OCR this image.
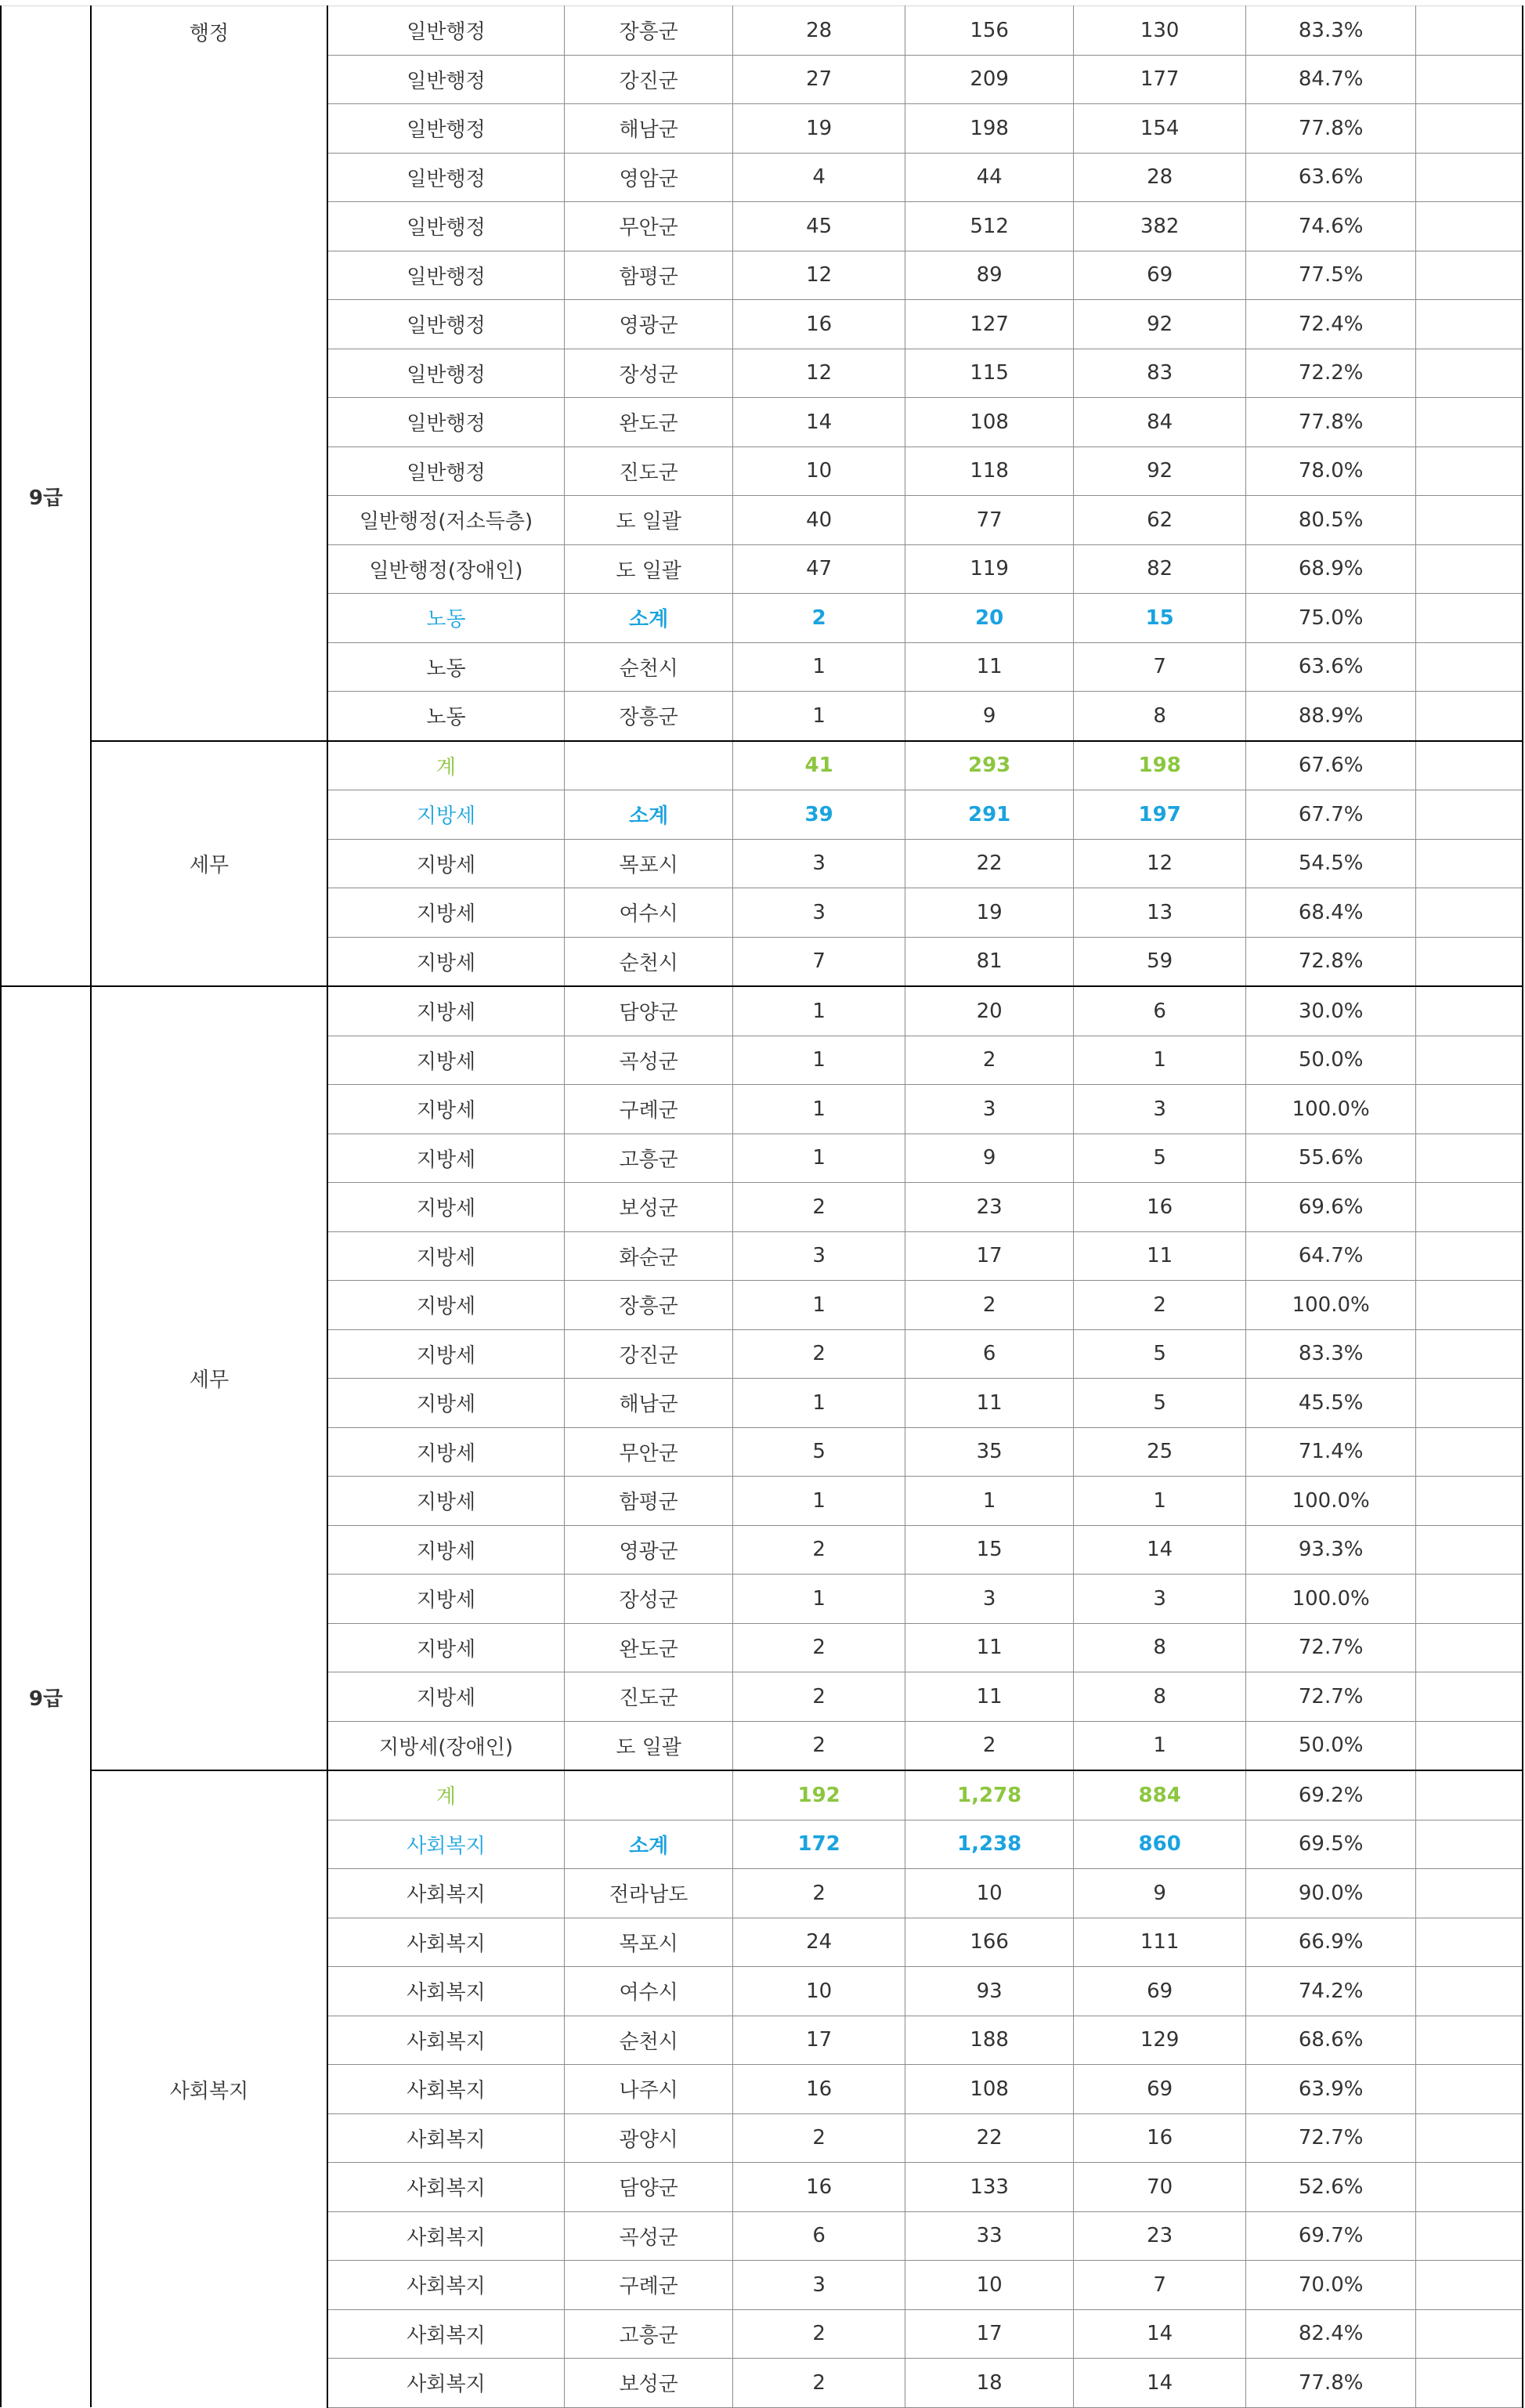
9급	행정	일반행정	장흥군	28	156	130	83.3%	
		일반행정	강진군	27	209	177	84.7%	
		일반행정	해남군	19	198	154	77.8%	
		일반행정	영암군	4	44	28	63.6%	
		일반행정	무안군	45	512	382	74.6%	
		일반행정	함평군	12	89	69	77.5%	
		일반행정	영광군	16	127	92	72.4%	
		일반행정	장성군	12	115	83	72.2%	
		일반행정	완도군	14	108	84	77.8%	
		일반행정	진도군	10	118	92	78.0%	
		일반행정(저소득층)	도 일괄	40	77	62	80.5%	
		일반행정(장애인)	도 일괄	47	119	82	68.9%	
		노동	소계	2	20	15	75.0%	
		노동	순천시	1	11	7	63.6%	
		노동	장흥군	1	9	8	88.9%	
	세무	계		41	293	198	67.6%	
		지방세	소계	39	291	197	67.7%	
		지방세	목포시	3	22	12	54.5%	
		지방세	여수시	3	19	13	68.4%	
		지방세	순천시	7	81	59	72.8%	
9급	세무	지방세	담양군	1	20	6	30.0%	
		지방세	곡성군	1	2	1	50.0%	
		지방세	구례군	1	3	3	100.0%	
		지방세	고흥군	1	9	5	55.6%	
		지방세	보성군	2	23	16	69.6%	
		지방세	화순군	3	17	11	64.7%	
		지방세	장흥군	1	2	2	100.0%	
		지방세	강진군	2	6	5	83.3%	
		지방세	해남군	1	11	5	45.5%	
		지방세	무안군	5	35	25	71.4%	
		지방세	함평군	1	1	1	100.0%	
		지방세	영광군	2	15	14	93.3%	
		지방세	장성군	1	3	3	100.0%	
		지방세	완도군	2	11	8	72.7%	
		지방세	진도군	2	11	8	72.7%	
		지방세(장애인)	도 일괄	2	2	1	50.0%	
	사회복지	계		192	1,278	884	69.2%	
		사회복지	소계	172	1,238	860	69.5%	
		사회복지	전라남도	2	10	9	90.0%	
		사회복지	목포시	24	166	111	66.9%	
		사회복지	여수시	10	93	69	74.2%	
		사회복지	순천시	17	188	129	68.6%	
		사회복지	나주시	16	108	69	63.9%	
		사회복지	광양시	2	22	16	72.7%	
		사회복지	담양군	16	133	70	52.6%	
		사회복지	곡성군	6	33	23	69.7%	
		사회복지	구례군	3	10	7	70.0%	
		사회복지	고흥군	2	17	14	82.4%	
		사회복지	보성군	2	18	14	77.8%	
